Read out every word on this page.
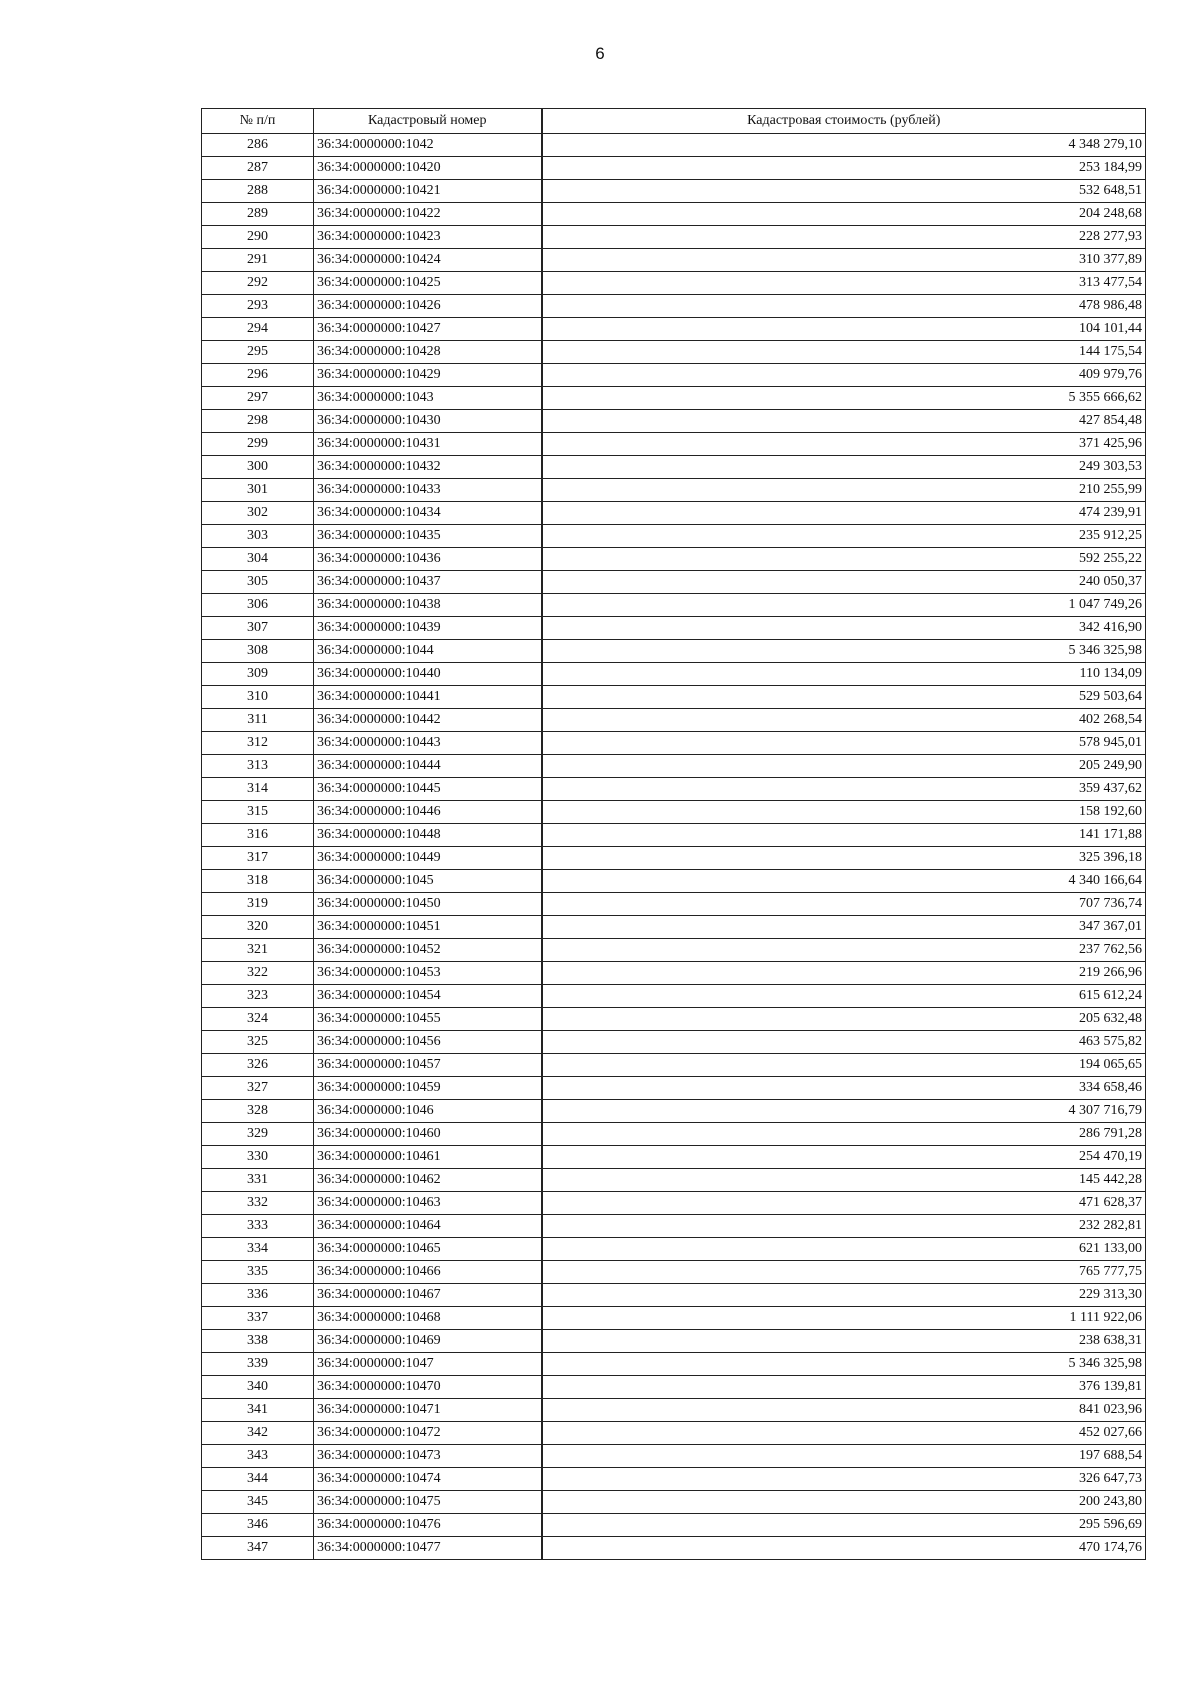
6
№ п/п	Кадастровый номер	Кадастровая стоимость (рублей)
286	36:34:0000000:1042	4 348 279,10
287	36:34:0000000:10420	253 184,99
288	36:34:0000000:10421	532 648,51
289	36:34:0000000:10422	204 248,68
290	36:34:0000000:10423	228 277,93
291	36:34:0000000:10424	310 377,89
292	36:34:0000000:10425	313 477,54
293	36:34:0000000:10426	478 986,48
294	36:34:0000000:10427	104 101,44
295	36:34:0000000:10428	144 175,54
296	36:34:0000000:10429	409 979,76
297	36:34:0000000:1043	5 355 666,62
298	36:34:0000000:10430	427 854,48
299	36:34:0000000:10431	371 425,96
300	36:34:0000000:10432	249 303,53
301	36:34:0000000:10433	210 255,99
302	36:34:0000000:10434	474 239,91
303	36:34:0000000:10435	235 912,25
304	36:34:0000000:10436	592 255,22
305	36:34:0000000:10437	240 050,37
306	36:34:0000000:10438	1 047 749,26
307	36:34:0000000:10439	342 416,90
308	36:34:0000000:1044	5 346 325,98
309	36:34:0000000:10440	110 134,09
310	36:34:0000000:10441	529 503,64
311	36:34:0000000:10442	402 268,54
312	36:34:0000000:10443	578 945,01
313	36:34:0000000:10444	205 249,90
314	36:34:0000000:10445	359 437,62
315	36:34:0000000:10446	158 192,60
316	36:34:0000000:10448	141 171,88
317	36:34:0000000:10449	325 396,18
318	36:34:0000000:1045	4 340 166,64
319	36:34:0000000:10450	707 736,74
320	36:34:0000000:10451	347 367,01
321	36:34:0000000:10452	237 762,56
322	36:34:0000000:10453	219 266,96
323	36:34:0000000:10454	615 612,24
324	36:34:0000000:10455	205 632,48
325	36:34:0000000:10456	463 575,82
326	36:34:0000000:10457	194 065,65
327	36:34:0000000:10459	334 658,46
328	36:34:0000000:1046	4 307 716,79
329	36:34:0000000:10460	286 791,28
330	36:34:0000000:10461	254 470,19
331	36:34:0000000:10462	145 442,28
332	36:34:0000000:10463	471 628,37
333	36:34:0000000:10464	232 282,81
334	36:34:0000000:10465	621 133,00
335	36:34:0000000:10466	765 777,75
336	36:34:0000000:10467	229 313,30
337	36:34:0000000:10468	1 111 922,06
338	36:34:0000000:10469	238 638,31
339	36:34:0000000:1047	5 346 325,98
340	36:34:0000000:10470	376 139,81
341	36:34:0000000:10471	841 023,96
342	36:34:0000000:10472	452 027,66
343	36:34:0000000:10473	197 688,54
344	36:34:0000000:10474	326 647,73
345	36:34:0000000:10475	200 243,80
346	36:34:0000000:10476	295 596,69
347	36:34:0000000:10477	470 174,76
